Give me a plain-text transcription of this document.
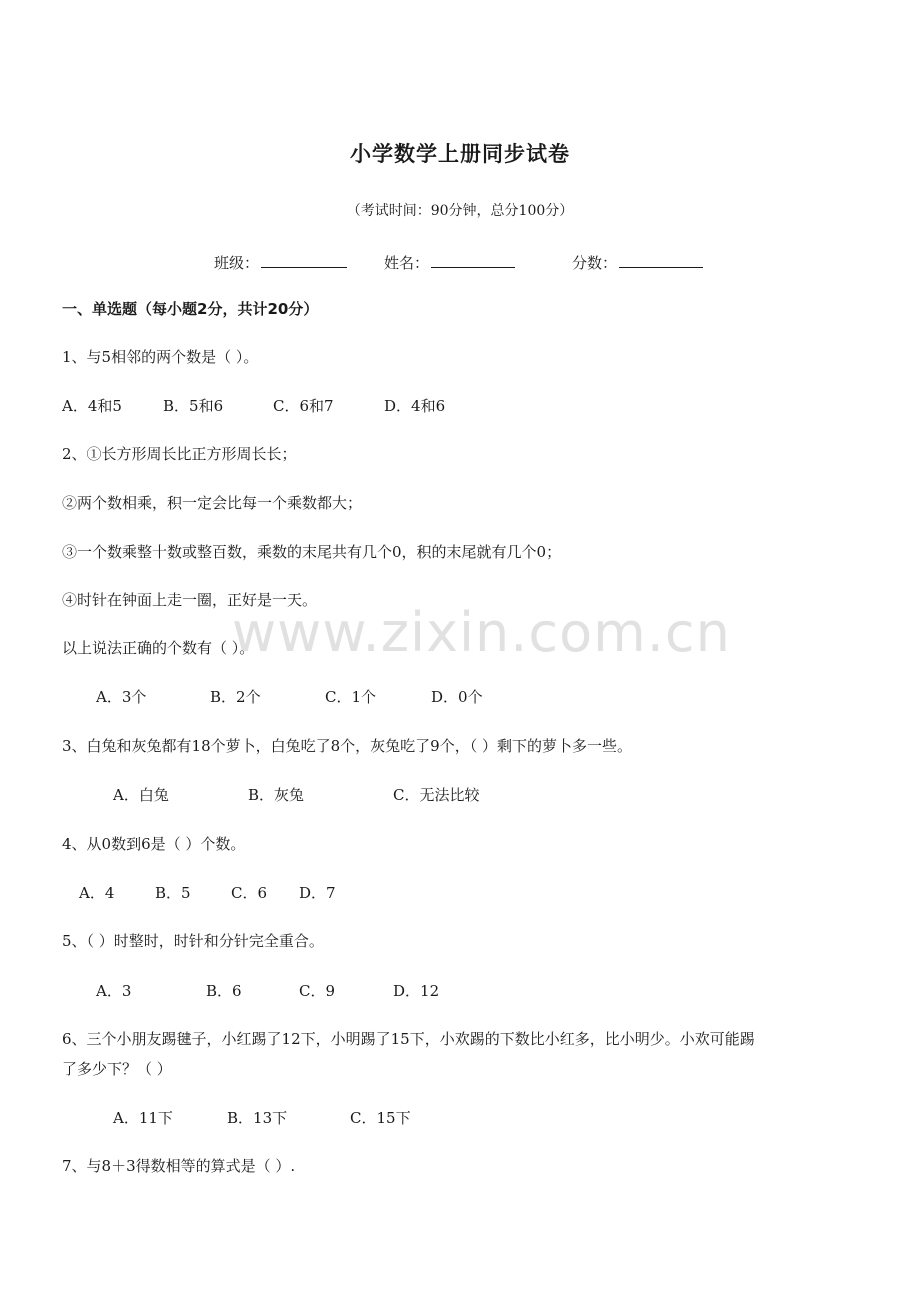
小学数学上册同步试卷
（考试时间：90分钟，总分100分）
班级：	姓名：	分数：
一、单选题（每小题2分，共计20分）
1、与5相邻的两个数是（ ）。
A．4和5	B．5和6	C．6和7	D．4和6
2、①长方形周长比正方形周长长；
②两个数相乘，积一定会比每一个乘数都大；
③一个数乘整十数或整百数，乘数的末尾共有几个0，积的末尾就有几个0；
④时针在钟面上走一圈，正好是一天。
以上说法正确的个数有（ ）。
A．3个	B．2个	C．1个	D．0个
3、白兔和灰兔都有18个萝卜，白兔吃了8个，灰兔吃了9个，（ ）剩下的萝卜多一些。
A．白兔	B．灰兔	C．无法比较
4、从0数到6是（ ）个数。
A．4	B．5	C．6 D．7
5、（ ）时整时，时针和分针完全重合。
A．3	B．6	C．9	D．12
6、三个小朋友踢毽子，小红踢了12下，小明踢了15下，小欢踢的下数比小红多，比小明少。小欢可能踢
了多少下？（ ）
A．11下	B．13下	C．15下
7、与8＋3得数相等的算式是（ ）.
www.zixin.com.cn
